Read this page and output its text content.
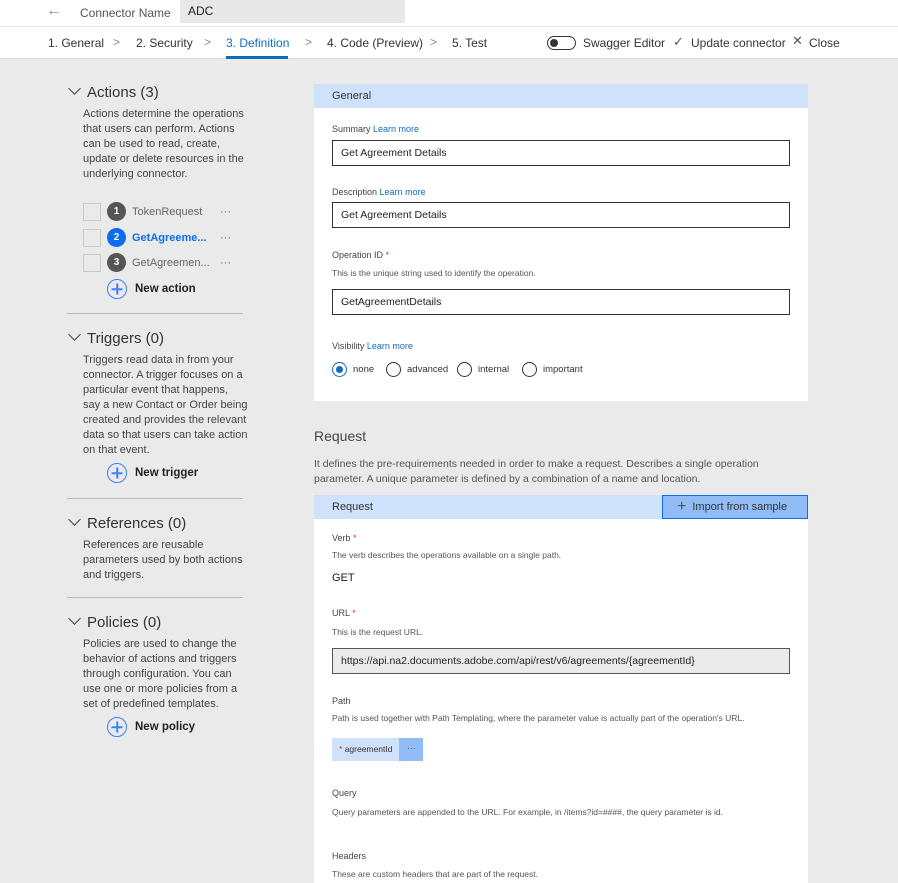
← Connector Name	ADC
1. General > 2. Security > 3. Definition > 4. Code (Preview) > 5. Test	Swagger Editor ✓ Update connector ✕ Close
Actions (3)
Actions determine the operations that users can perform. Actions can be used to read, create, update or delete resources in the underlying connector.
1	TokenRequest ···
2	GetAgreeme... ···
3	GetAgreemen... ···
New action
Triggers (0)
Triggers read data in from your connector. A trigger focuses on a particular event that happens, say a new Contact or Order being created and provides the relevant data so that users can take action on that event.
New trigger
References (0)
References are reusable parameters used by both actions and triggers.
Policies (0)
Policies are used to change the behavior of actions and triggers through configuration. You can use one or more policies from a set of predefined templates.
New policy
General
Summary Learn more
Get Agreement Details
Description Learn more
Get Agreement Details
Operation ID *
This is the unique string used to identify the operation.
GetAgreementDetails
Visibility Learn more
none	advanced	internal	important
Request
It defines the pre-requirements needed in order to make a request. Describes a single operation parameter. A unique parameter is defined by a combination of a name and location.
Request	+ Import from sample
Verb *
The verb describes the operations available on a single path.
GET
URL *
This is the request URL.
https://api.na2.documents.adobe.com/api/rest/v6/agreements/{agreementId}
Path
Path is used together with Path Templating, where the parameter value is actually part of the operation's URL.
* agreementId	···
Query
Query parameters are appended to the URL. For example, in /items?id=####, the query parameter is id.
Headers
These are custom headers that are part of the request.
